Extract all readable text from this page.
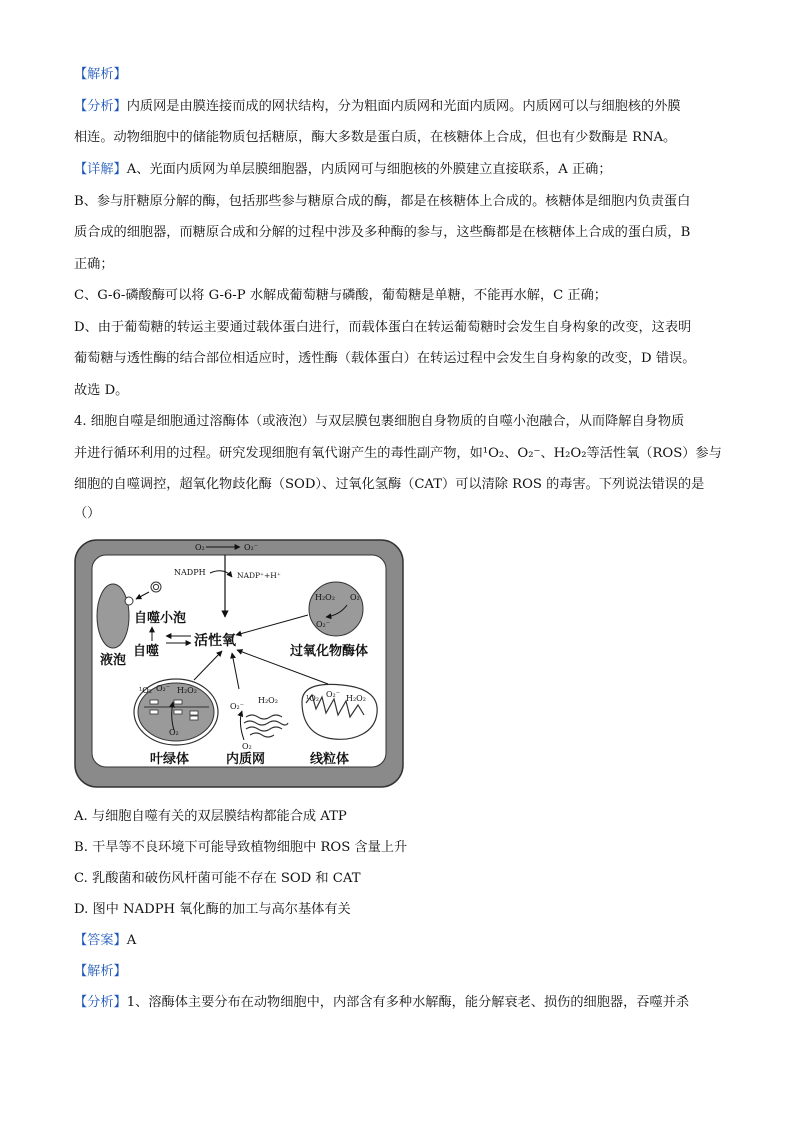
【解析】
【分析】内质网是由膜连接而成的网状结构，分为粗面内质网和光面内质网。内质网可以与细胞核的外膜
相连。动物细胞中的储能物质包括糖原，酶大多数是蛋白质，在核糖体上合成，但也有少数酶是 RNA。
【详解】A、光面内质网为单层膜细胞器，内质网可与细胞核的外膜建立直接联系，A 正确；
B、参与肝糖原分解的酶，包括那些参与糖原合成的酶，都是在核糖体上合成的。核糖体是细胞内负责蛋白
质合成的细胞器，而糖原合成和分解的过程中涉及多种酶的参与，这些酶都是在核糖体上合成的蛋白质，B
正确；
C、G-6-磷酸酶可以将 G-6-P 水解成葡萄糖与磷酸，葡萄糖是单糖，不能再水解，C 正确；
D、由于葡萄糖的转运主要通过载体蛋白进行，而载体蛋白在转运葡萄糖时会发生自身构象的改变，这表明
葡萄糖与透性酶的结合部位相适应时，透性酶（载体蛋白）在转运过程中会发生自身构象的改变，D 错误。
故选 D。
4. 细胞自噬是细胞通过溶酶体（或液泡）与双层膜包裹细胞自身物质的自噬小泡融合，从而降解自身物质
并进行循环利用的过程。研究发现细胞有氧代谢产生的毒性副产物，如¹O₂、O₂⁻、H₂O₂等活性氧（ROS）参与
细胞的自噬调控，超氧化物歧化酶（SOD）、过氧化氢酶（CAT）可以清除 ROS 的毒害。下列说法错误的是
（）
O₂	O₂⁻
NADPH	NADP⁺+H⁺
液泡
自噬小泡
自噬
活性氧
H₂O₂ O₂
O₂⁻
过氧化物酶体
¹O₂ O₂⁻ H₂O₂
O₂
叶绿体
O₂⁻
H₂O₂
O₂
内质网
¹O₂ O₂⁻ H₂O₂
线粒体
A. 与细胞自噬有关的双层膜结构都能合成 ATP
B. 干旱等不良环境下可能导致植物细胞中 ROS 含量上升
C. 乳酸菌和破伤风杆菌可能不存在 SOD 和 CAT
D. 图中 NADPH 氧化酶的加工与高尔基体有关
【答案】A
【解析】
【分析】1、溶酶体主要分布在动物细胞中，内部含有多种水解酶，能分解衰老、损伤的细胞器，吞噬并杀
